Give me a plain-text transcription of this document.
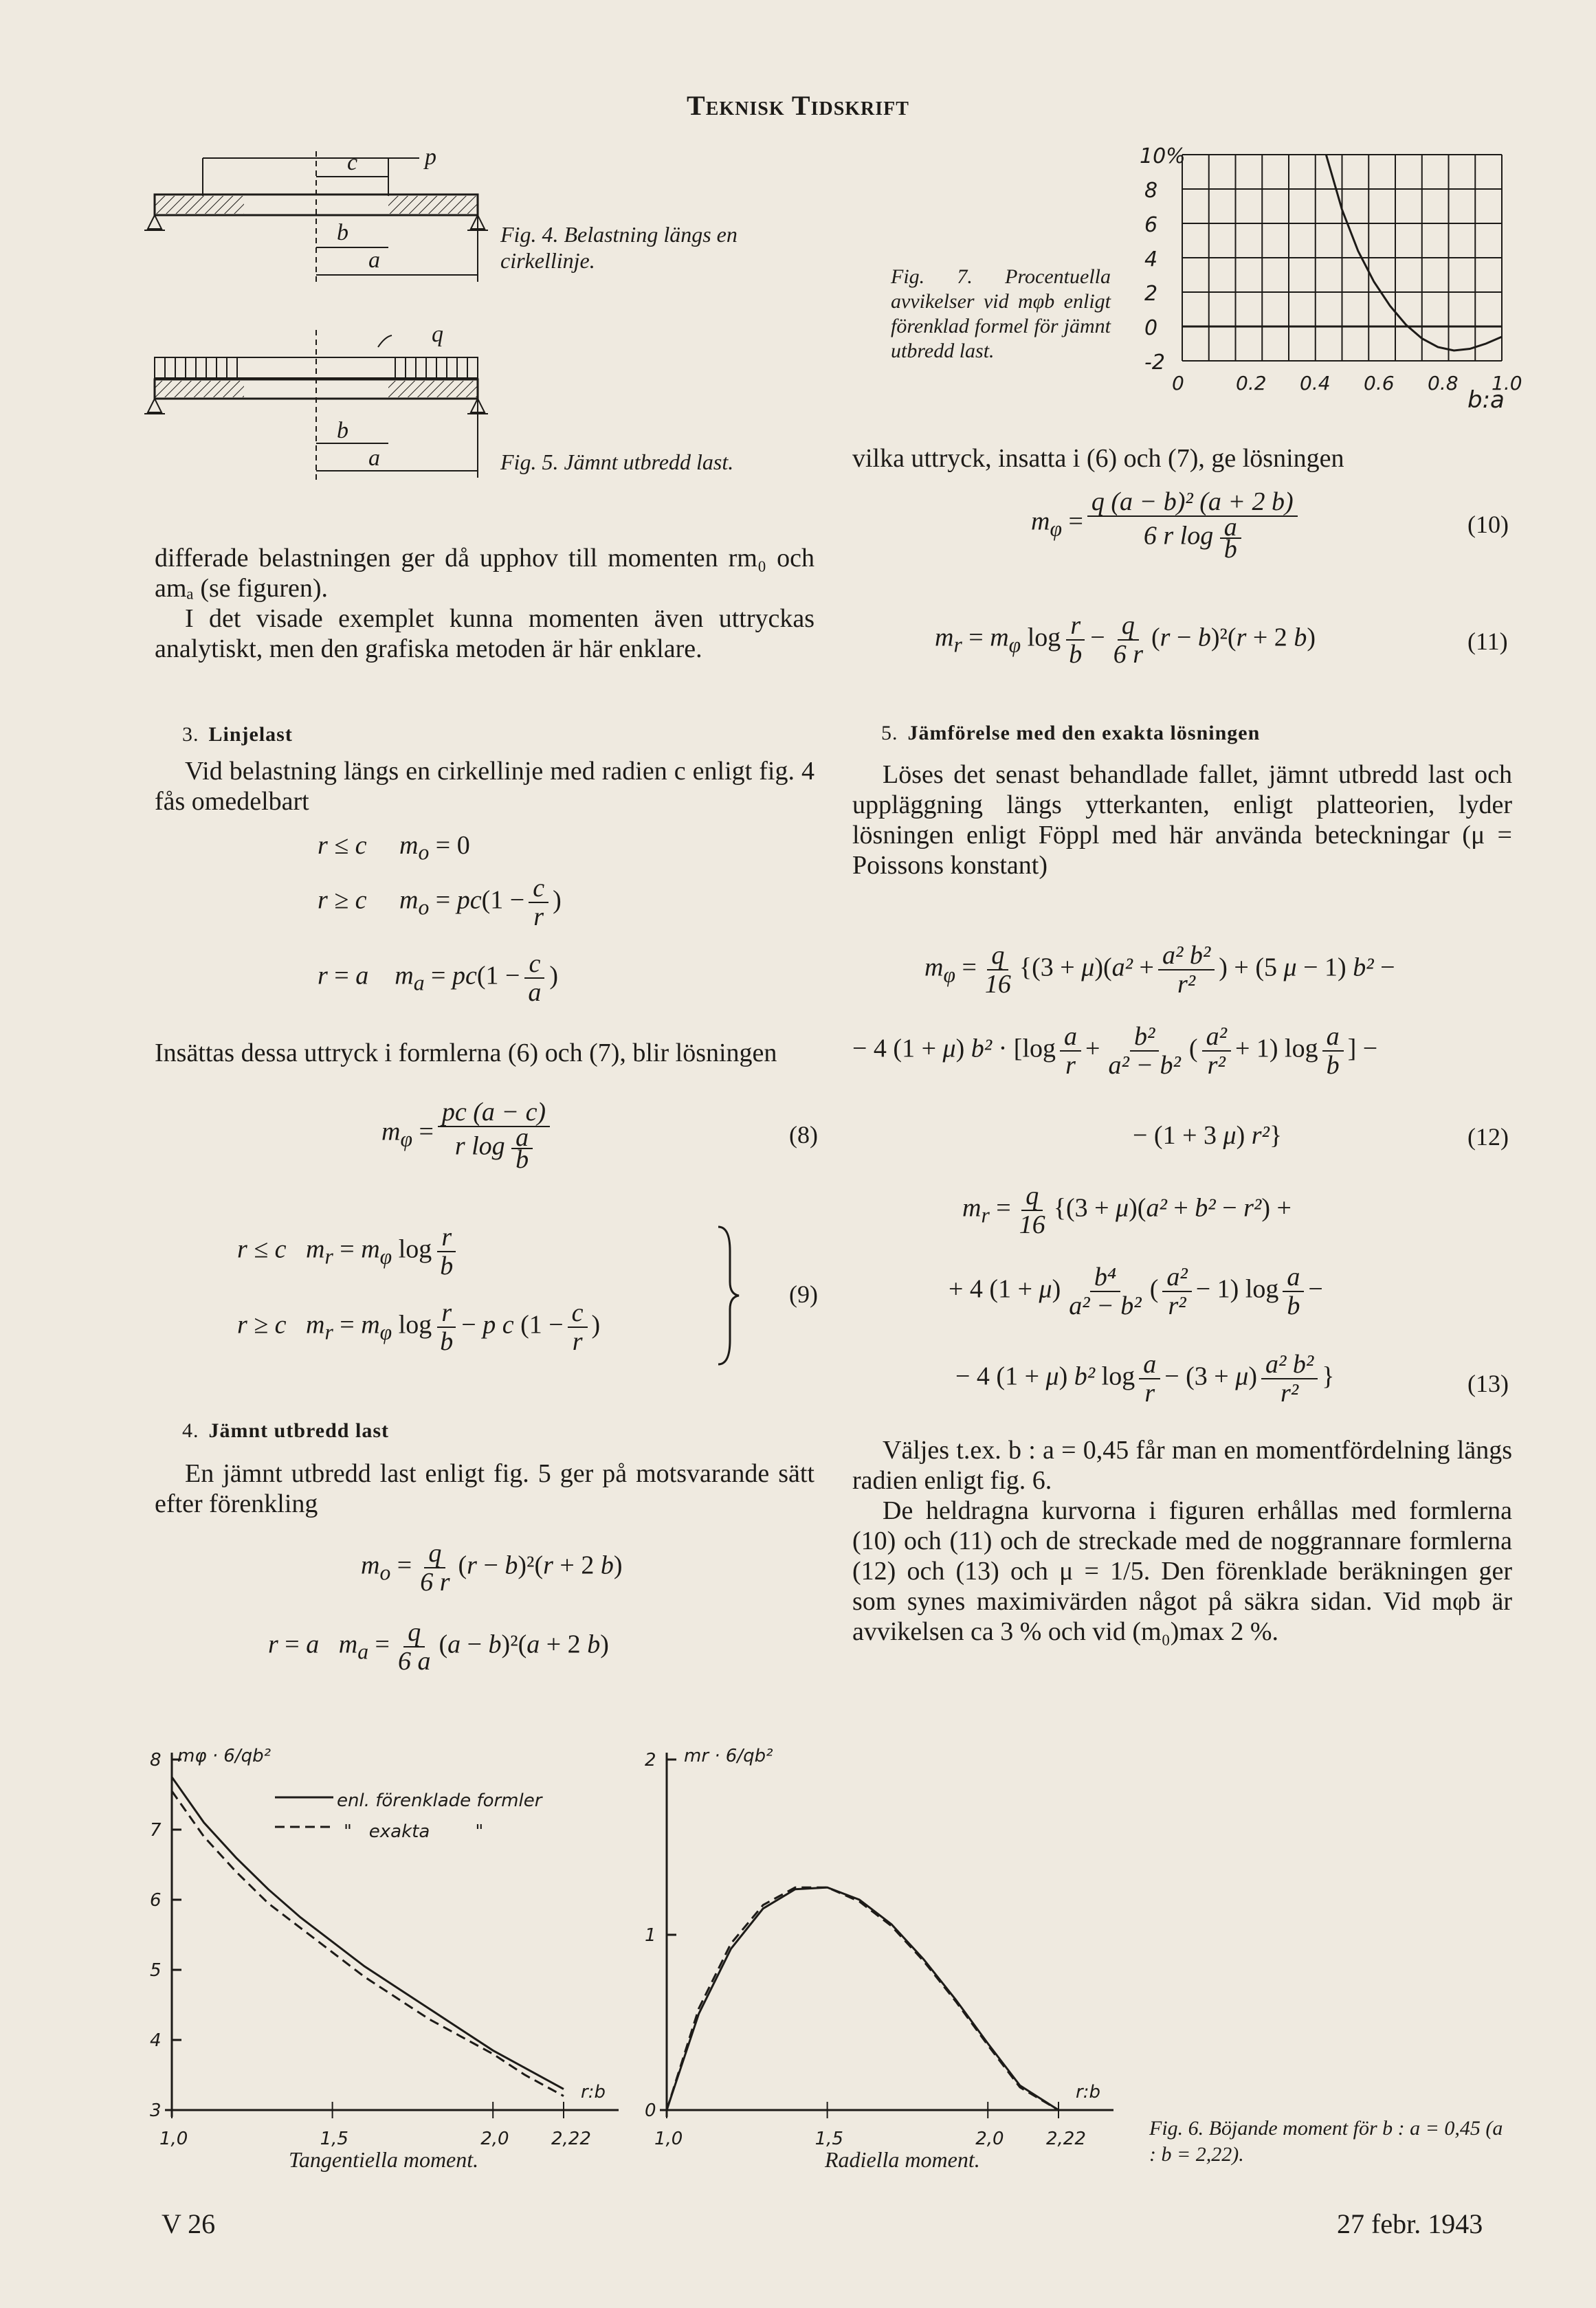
Teknisk Tidskrift
c	p
b
a
Fig. 4. Belastning längs en cirkellinje.
q
b
a	Fig. 5. Jämnt utbredd last.
Fig. 7. Procentuella avvikelser vid mφb enligt förenklad formel för jämnt utbredd last.
8
6
4
2
0
-2
0	0.2 0.4 0.6 0.8 1.0
10%
b:a

differade belastningen ger då upphov till momenten rm₀ och amₐ (se figuren).

I det visade exemplet kunna momenten även uttryckas analytiskt, men den grafiska metoden är här enklare.

3. Linjelast

Vid belastning längs en cirkellinje med radien c enligt fig. 4 fås omedelbart

r ≤ c     $m_o = 0$
r ≥ c     $m_o = pc(1 - \frac{c}{r}$ )
r = a    $m_a = pc(1 - \frac{c}{a}$ )

Insättas dessa uttryck i formlerna (6) och (7), blir lösningen

$m_\varphi = \frac{pc (a - c)}{r \log \frac{a}{b}}$	(8)
r ≤ c   $m_r = m_\varphi$ $\log \frac{r}{b}$
r ≥ c   $m_r = m_\varphi$ $\log \frac{r}{b} - p$ c ($1 - \frac{c}{r}$ )
(9)
4. Jämnt utbredd last

En jämnt utbredd last enligt fig. 5 ger på motsvarande sätt efter förenkling

$m_o = \frac{q}{6 r} (r - b)^2(r + 2$ b)
r = a   $m_a = \frac{q}{6 a} (a - b)^2(a + 2$ b)

vilka uttryck, insatta i (6) och (7), ge lösningen

$m_\varphi = \frac{\text{q (a − b)² (a + 2 b)}}{6 r \log \frac{a}{b}}$	(10)
$m_r = m_\varphi$ $\log \frac{r}{b} - \frac{q}{6 r} (r - b)^2(r + 2$ b)	(11)
5. Jämförelse med den exakta lösningen

Löses det senast behandlade fallet, jämnt utbredd last och uppläggning längs ytterkanten, enligt platteorien, lyder lösningen enligt Föppl med här använda beteckningar (μ = Poissons konstant)

$m_\varphi = \frac{q}{16} \{(3 + \mu)(a^2 + \frac{\text{a² b²}}{\text{r²}}$ ) + (5 μ − 1) b² −
− 4 (1 + μ) $b^2 \cdot [\log \frac{a}{r} + \frac{\text{b²}}{\text{a² − b²}}$ ( $\frac{\text{a²}}{\text{r²}} + 1$) $\log \frac{a}{b}$ ] −
− (1 + 3 μ) r²}	(12)
$m_r = \frac{q}{16} \{(3 + \mu)(a^2 + b^2 - r^2)$ +
+ 4 $(1 + \mu) \frac{\text{b⁴}}{\text{a² − b²}}$ ( $\frac{\text{a²}}{\text{r²}} - 1$) $\log \frac{a}{b}$ −
− 4 (1 + μ) b² $\log \frac{a}{r} - (3 + \mu) \frac{\text{a² b²}}{\text{r²}}$ }	(13)

Väljes t.ex. b : a = 0,45 får man en momentfördelning längs radien enligt fig. 6.

De heldragna kurvorna i figuren erhållas med formlerna (10) och (11) och de streckade med de noggrannare formlerna (12) och (13) och μ = 1/5. Den förenklade beräkningen ger som synes maximivärden något på säkra sidan. Vid mφb är avvikelsen ca 3 % och vid (m₀)max 2 %.

8
7
6
5
4
3
1,0	1,5	2,0 2,22
r:b
2
1
0
1,0	1,5	2,0 2,22
r:b
mφ · 6/qb²	mr · 6/qb²
enl. förenklade formler
" exakta	"
Tangentiella moment.	Radiella moment.
Fig. 6. Böjande moment för b : a = 0,45 (a : b = 2,22).
V 26	27 febr. 1943
